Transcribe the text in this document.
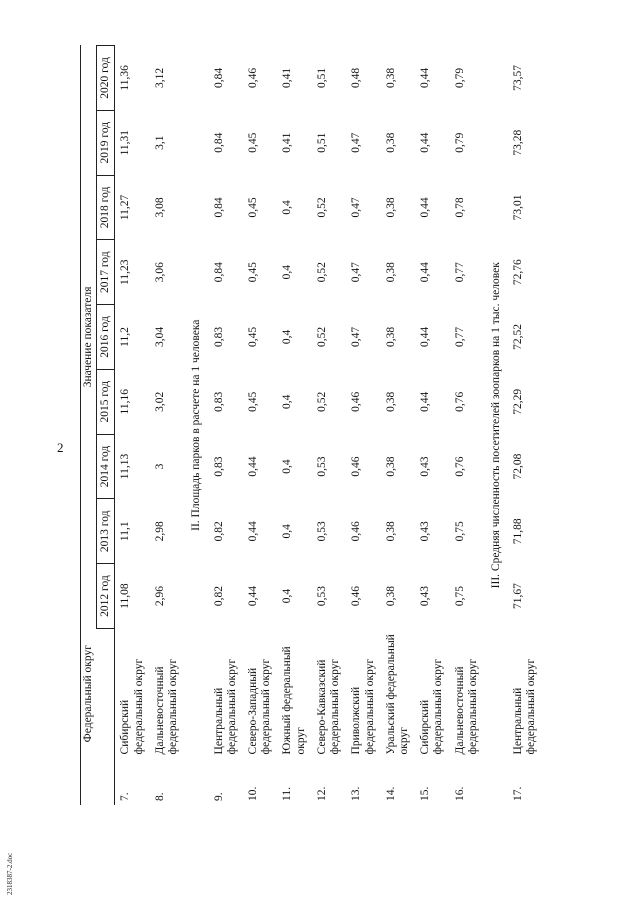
2
2318387-2.doc
	Федеральный округ	Значение показателя								
		2012 год	2013 год	2014 год	2015 год	2016 год	2017 год	2018 год	2019 год	2020 год
7.	Сибирский федеральный округ	11,08	11,1	11,13	11,16	11,2	11,23	11,27	11,31	11,36
8.	Дальневосточный федеральный округ	2,96	2,98	3	3,02	3,04	3,06	3,08	3,1	3,12
II. Площадь парков в расчете на 1 человека										
9.	Центральный федеральный округ	0,82	0,82	0,83	0,83	0,83	0,84	0,84	0,84	0,84
10.	Северо-Западный федеральный округ	0,44	0,44	0,44	0,45	0,45	0,45	0,45	0,45	0,46
11.	Южный федеральный округ	0,4	0,4	0,4	0,4	0,4	0,4	0,4	0,41	0,41
12.	Северо-Кавказский федеральный округ	0,53	0,53	0,53	0,52	0,52	0,52	0,52	0,51	0,51
13.	Приволжский федеральный округ	0,46	0,46	0,46	0,46	0,47	0,47	0,47	0,47	0,48
14.	Уральский федеральный округ	0,38	0,38	0,38	0,38	0,38	0,38	0,38	0,38	0,38
15.	Сибирский федеральный округ	0,43	0,43	0,43	0,44	0,44	0,44	0,44	0,44	0,44
16.	Дальневосточный федеральный округ	0,75	0,75	0,76	0,76	0,77	0,77	0,78	0,79	0,79
III. Средняя численность посетителей зоопарков на 1 тыс. человек										
17.	Центральный федеральный округ	71,67	71,88	72,08	72,29	72,52	72,76	73,01	73,28	73,57
